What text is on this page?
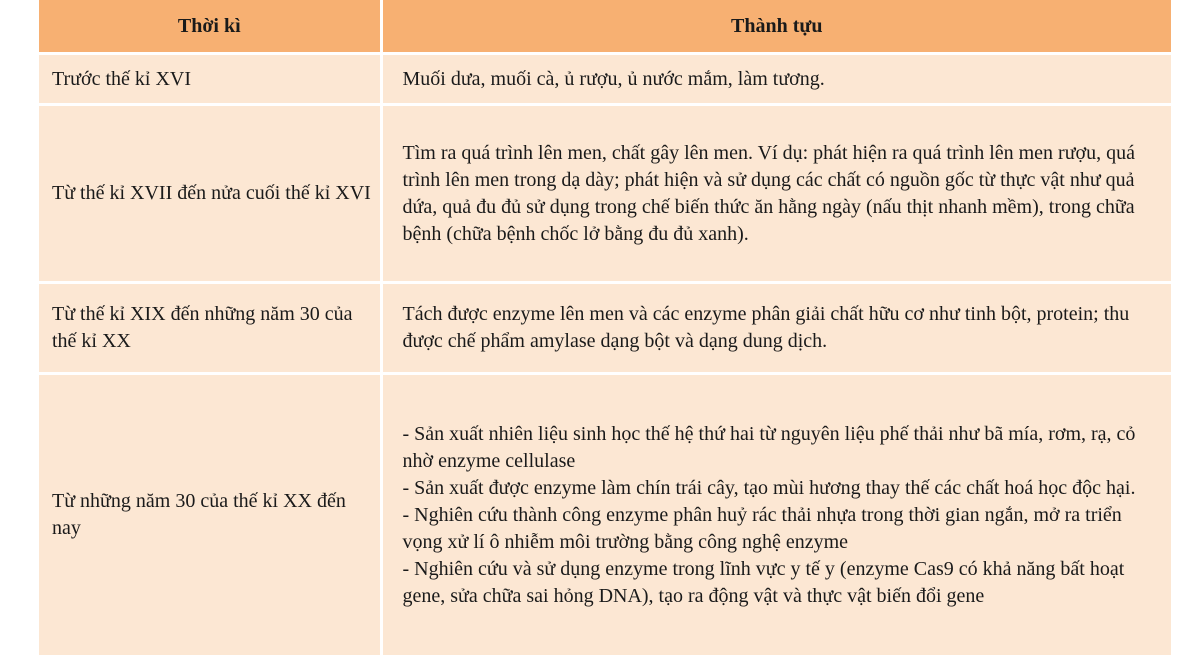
Thời kì	Thành tựu
Trước thế kỉ XVI	Muối dưa, muối cà, ủ rượu, ủ nước mắm, làm tương.

Từ thế kỉ XVII đến nửa cuối thế kỉ XVI	Tìm ra quá trình lên men, chất gây lên men. Ví dụ: phát hiện ra quá trình lên men rượu, quá trình lên men trong dạ dày; phát hiện và sử dụng các chất có nguồn gốc từ thực vật như quả dứa, quả đu đủ sử dụng trong chế biến thức ăn hằng ngày (nấu thịt nhanh mềm), trong chữa bệnh (chữa bệnh chốc lở bằng đu đủ xanh).

Từ thế kỉ XIX đến những năm 30 của thế kỉ XX	Tách được enzyme lên men và các enzyme phân giải chất hữu cơ như tinh bột, protein; thu được chế phẩm amylase dạng bột và dạng dung dịch.

Từ những năm 30 của thế kỉ XX đến nay	- Sản xuất nhiên liệu sinh học thế hệ thứ hai từ nguyên liệu phế thải như bã mía, rơm, rạ, cỏ nhờ enzyme cellulase
- Sản xuất được enzyme làm chín trái cây, tạo mùi hương thay thế các chất hoá học độc hại.
- Nghiên cứu thành công enzyme phân huỷ rác thải nhựa trong thời gian ngắn, mở ra triển vọng xử lí ô nhiễm môi trường bằng công nghệ enzyme
- Nghiên cứu và sử dụng enzyme trong lĩnh vực y tế y (enzyme Cas9 có khả năng bất hoạt gene, sửa chữa sai hỏng DNA), tạo ra động vật và thực vật biến đổi gene
